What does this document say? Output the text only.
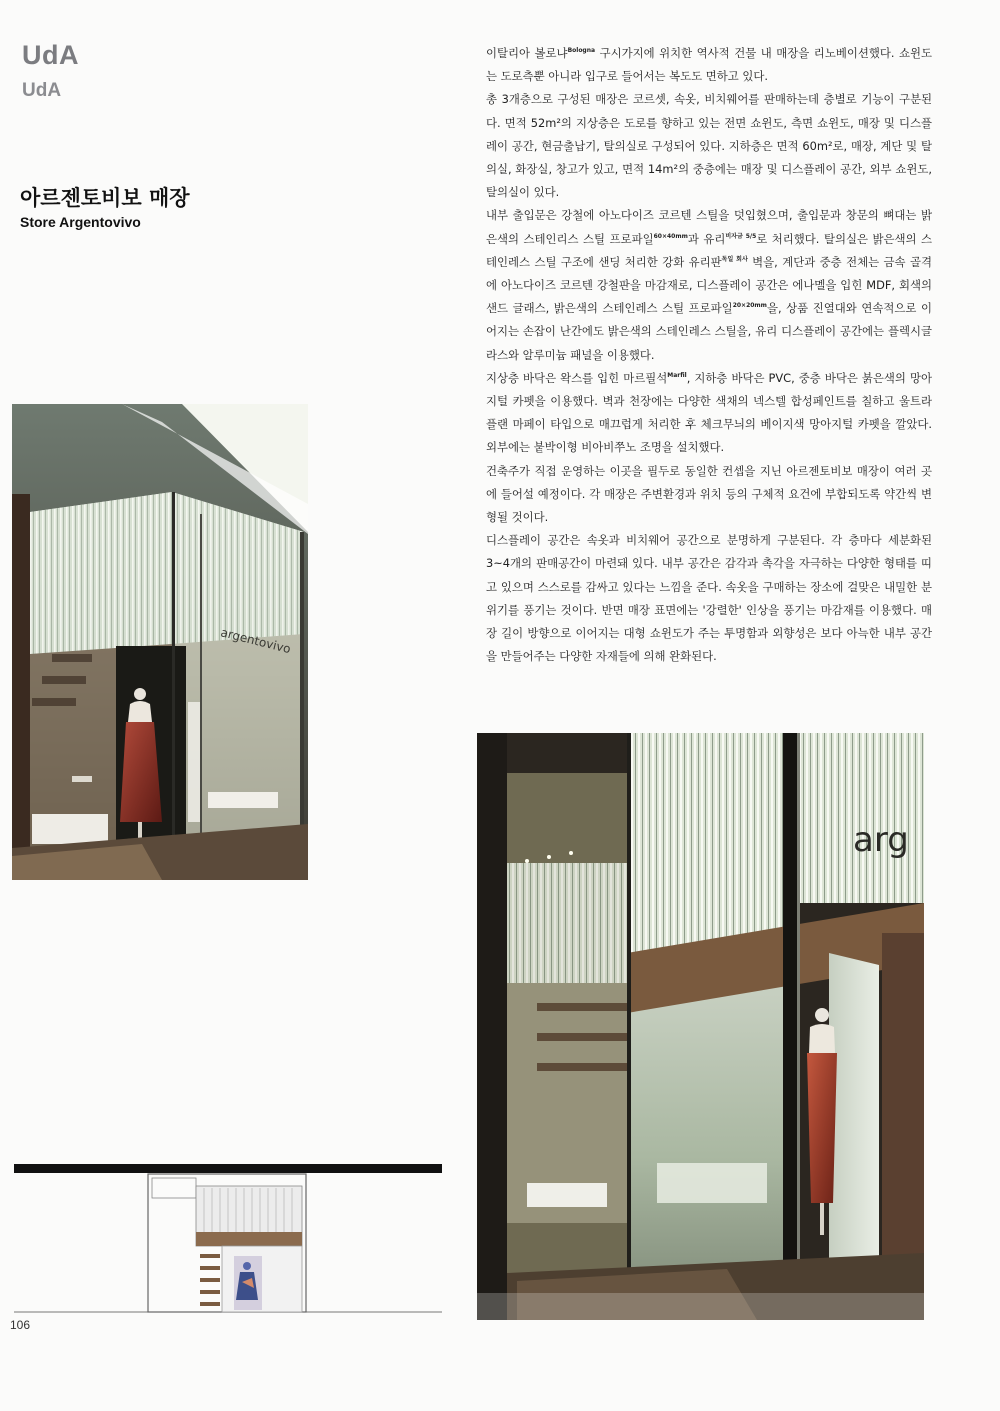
UdA
UdA
아르젠토비보 매장
Store Argentovivo

이탈리아 볼로냐$^{Bologna}$ 구시가지에 위치한 역사적 건물 내 매장을 리노베이션했다. 쇼윈도는 도로측뿐 아니라 입구로 들어서는 복도도 면하고 있다.

총 3개층으로 구성된 매장은 코르셋, 속옷, 비치웨어를 판매하는데 층별로 기능이 구분된다. 면적 52m²의 지상층은 도로를 향하고 있는 전면 쇼윈도, 측면 쇼윈도, 매장 및 디스플레이 공간, 현금출납기, 탈의실로 구성되어 있다. 지하층은 면적 60m²로, 매장, 계단 및 탈의실, 화장실, 창고가 있고, 면적 14m²의 중층에는 매장 및 디스플레이 공간, 외부 쇼윈도, 탈의실이 있다.

내부 출입문은 강철에 아노다이즈 코르텐 스틸을 덧입혔으며, 출입문과 창문의 뼈대는 밝은색의 스테인리스 스틸 프로파일$^{60\times 40mm}$과 유리$^{비자금 5/5}$로 처리했다. 탈의실은 밝은색의 스테인레스 스틸 구조에 샌딩 처리한 강화 유리판$^{독일 회사}$ 벽을, 계단과 중층 전체는 금속 골격에 아노다이즈 코르텐 강철판을 마감재로, 디스플레이 공간은 에나멜을 입힌 MDF, 회색의 샌드 글래스, 밝은색의 스테인레스 스틸 프로파일$^{20\times 20mm}$을, 상품 진열대와 연속적으로 이어지는 손잡이 난간에도 밝은색의 스테인레스 스틸을, 유리 디스플레이 공간에는 플렉시글라스와 알루미늄 패널을 이용했다.

지상층 바닥은 왁스를 입힌 마르필석$^{Marfil}$, 지하층 바닥은 PVC, 중층 바닥은 붉은색의 망아지털 카펫을 이용했다. 벽과 천장에는 다양한 색채의 넥스텔 합성페인트를 칠하고 울트라플랜 마페이 타입으로 매끄럽게 처리한 후 체크무늬의 베이지색 망아지털 카펫을 깔았다. 외부에는 붙박이형 비아비쭈노 조명을 설치했다.

건축주가 직접 운영하는 이곳을 필두로 동일한 컨셉을 지닌 아르젠토비보 매장이 여러 곳에 들어설 예정이다. 각 매장은 주변환경과 위치 등의 구체적 요건에 부합되도록 약간씩 변형될 것이다.

디스플레이 공간은 속옷과 비치웨어 공간으로 분명하게 구분된다. 각 층마다 세분화된 3~4개의 판매공간이 마련돼 있다. 내부 공간은 감각과 촉각을 자극하는 다양한 형태를 띠고 있으며 스스로를 감싸고 있다는 느낌을 준다. 속옷을 구매하는 장소에 걸맞은 내밀한 분위기를 풍기는 것이다. 반면 매장 표면에는 '강렬한' 인상을 풍기는 마감재를 이용했다. 매장 길이 방향으로 이어지는 대형 쇼윈도가 주는 투명함과 외향성은 보다 아늑한 내부 공간을 만들어주는 다양한 자재들에 의해 완화된다.

argentovivo
arg
106
